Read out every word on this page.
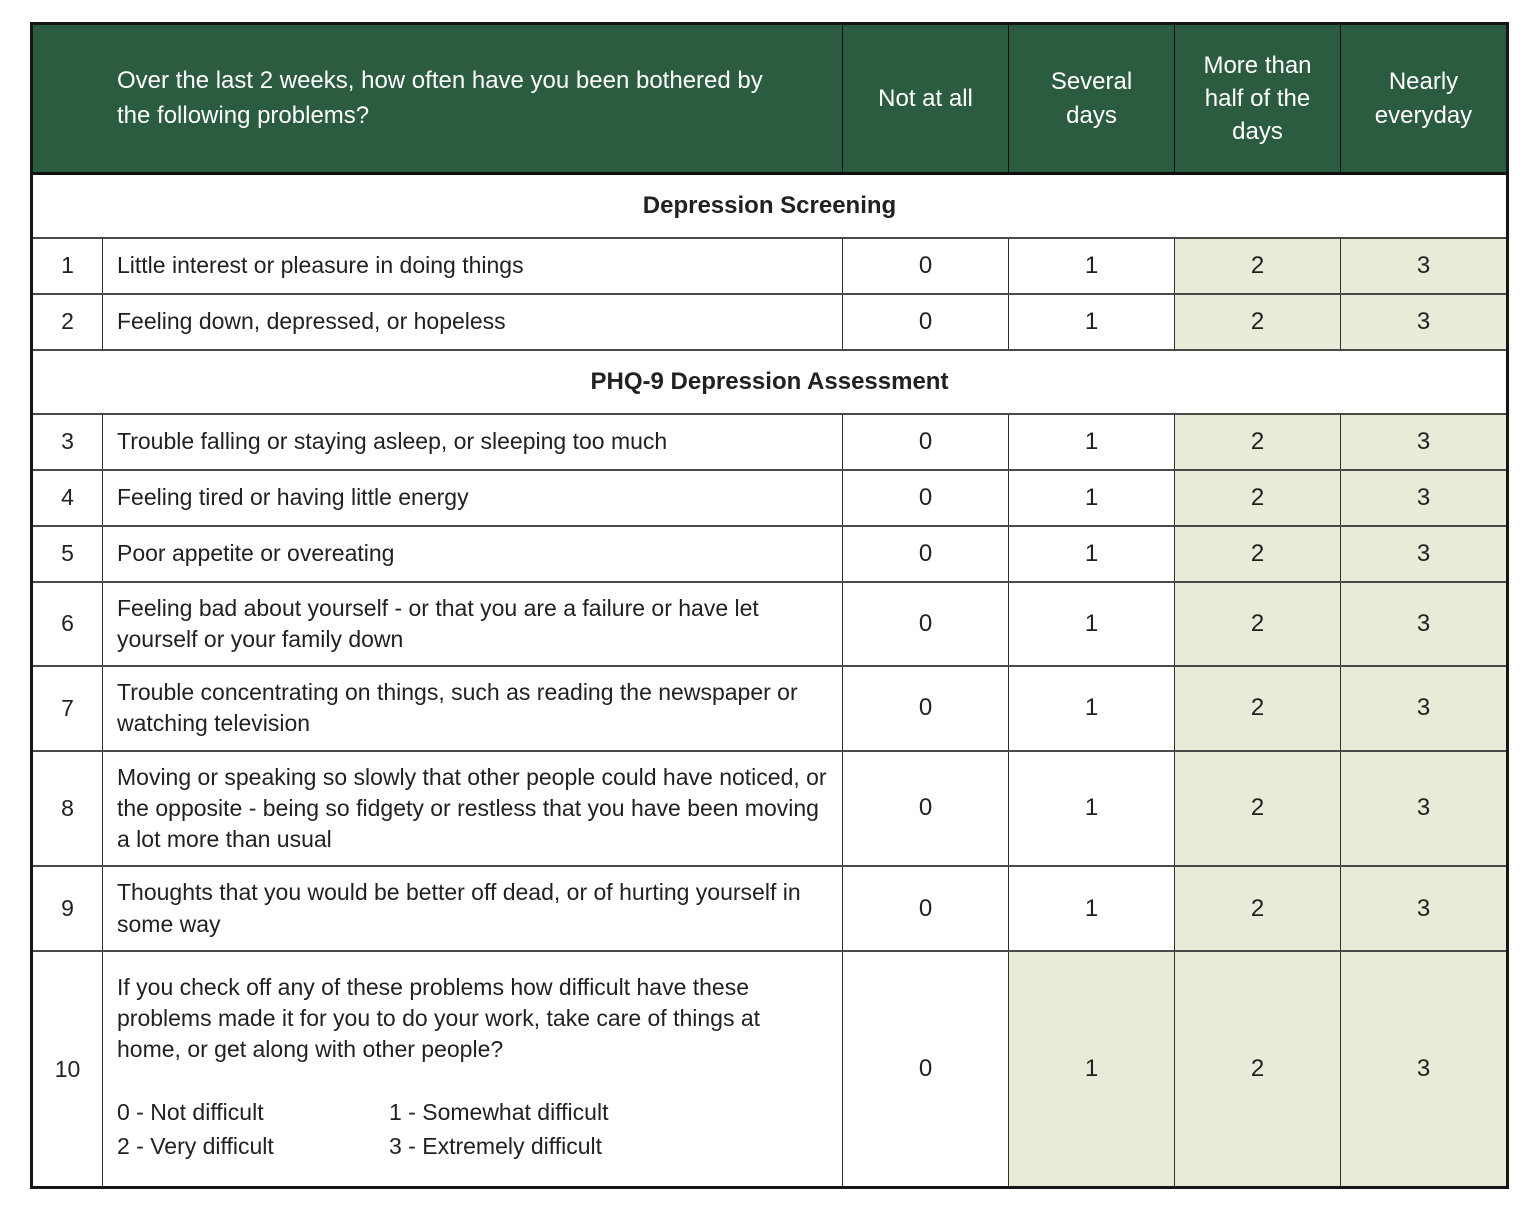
Over the last 2 weeks, how often have you been bothered by the following problems?		Not at all	Several days	More than half of the days	Nearly everyday
Depression Screening					
1	Little interest or pleasure in doing things	0	1	2	3
2	Feeling down, depressed, or hopeless	0	1	2	3
PHQ-9 Depression Assessment					
3	Trouble falling or staying asleep, or sleeping too much	0	1	2	3
4	Feeling tired or having little energy	0	1	2	3
5	Poor appetite or overeating	0	1	2	3
6	Feeling bad about yourself - or that you are a failure or have let yourself or your family down	0	1	2	3
7	Trouble concentrating on things, such as reading the newspaper or watching television	0	1	2	3
8	Moving or speaking so slowly that other people could have noticed, or the opposite - being so fidgety or restless that you have been moving a lot more than usual	0	1	2	3
9	Thoughts that you would be better off dead, or of hurting yourself in some way	0	1	2	3
10	If you check off any of these problems how difficult have these problems made it for you to do your work, take care of things at home, or get along with other people?
0 - Not difficult 1 - Somewhat difficult
2 - Very difficult 3 - Extremely difficult	0	1	2	3
